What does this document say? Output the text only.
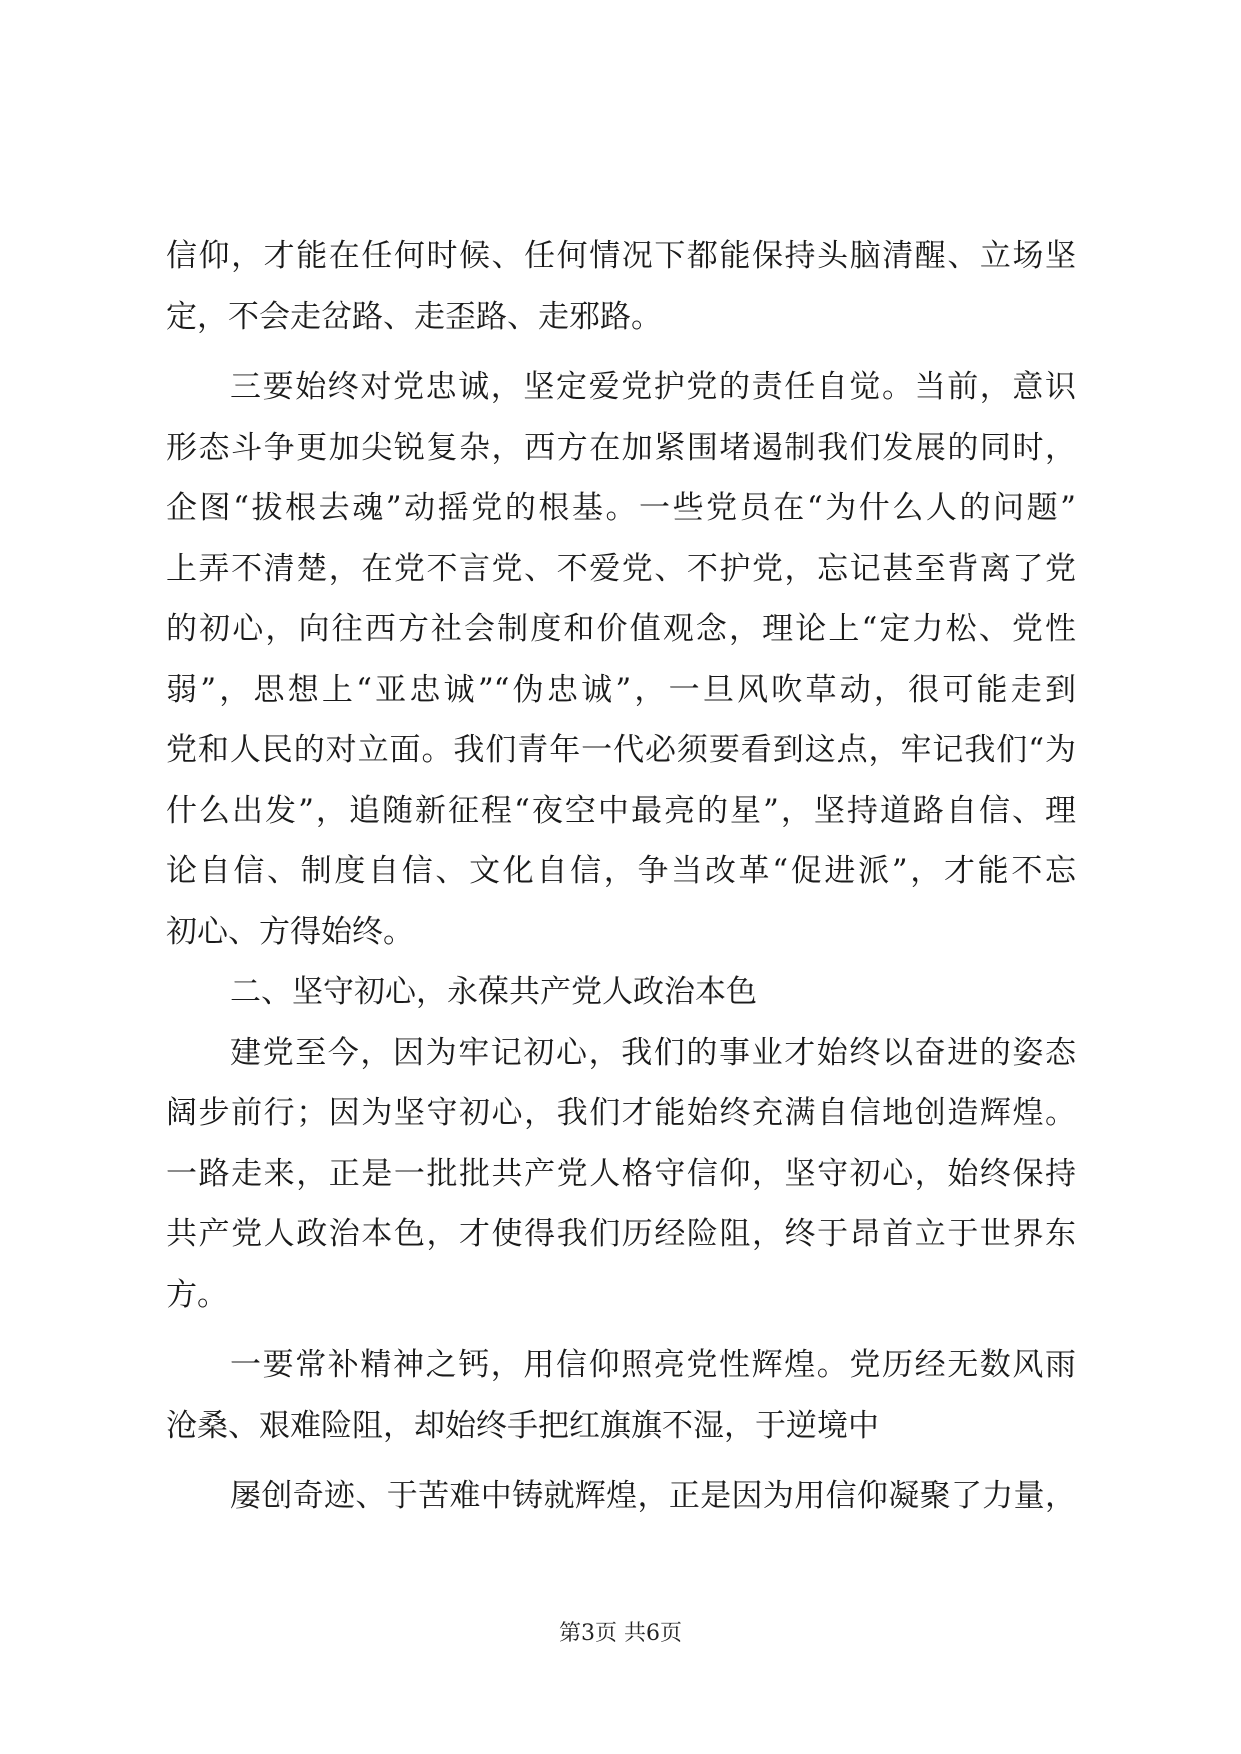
信仰，才能在任何时候、任何情况下都能保持头脑清醒、立场坚
定，不会走岔路、走歪路、走邪路。
三要始终对党忠诚，坚定爱党护党的责任自觉。当前，意识
形态斗争更加尖锐复杂，西方在加紧围堵遏制我们发展的同时，
企图“拔根去魂”动摇党的根基。一些党员在“为什么人的问题”
上弄不清楚，在党不言党、不爱党、不护党，忘记甚至背离了党
的初心，向往西方社会制度和价值观念，理论上“定力松、党性
弱”，思想上“亚忠诚”“伪忠诚”，一旦风吹草动，很可能走到
党和人民的对立面。我们青年一代必须要看到这点，牢记我们“为
什么出发”，追随新征程“夜空中最亮的星”，坚持道路自信、理
论自信、制度自信、文化自信，争当改革“促进派”，才能不忘
初心、方得始终。
二、坚守初心，永葆共产党人政治本色
建党至今，因为牢记初心，我们的事业才始终以奋进的姿态
阔步前行；因为坚守初心，我们才能始终充满自信地创造辉煌。
一路走来，正是一批批共产党人格守信仰，坚守初心，始终保持
共产党人政治本色，才使得我们历经险阻，终于昂首立于世界东
方。
一要常补精神之钙，用信仰照亮党性辉煌。党历经无数风雨
沧桑、艰难险阻，却始终手把红旗旗不湿，于逆境中
屡创奇迹、于苦难中铸就辉煌，正是因为用信仰凝聚了力量，
第3页 共6页
